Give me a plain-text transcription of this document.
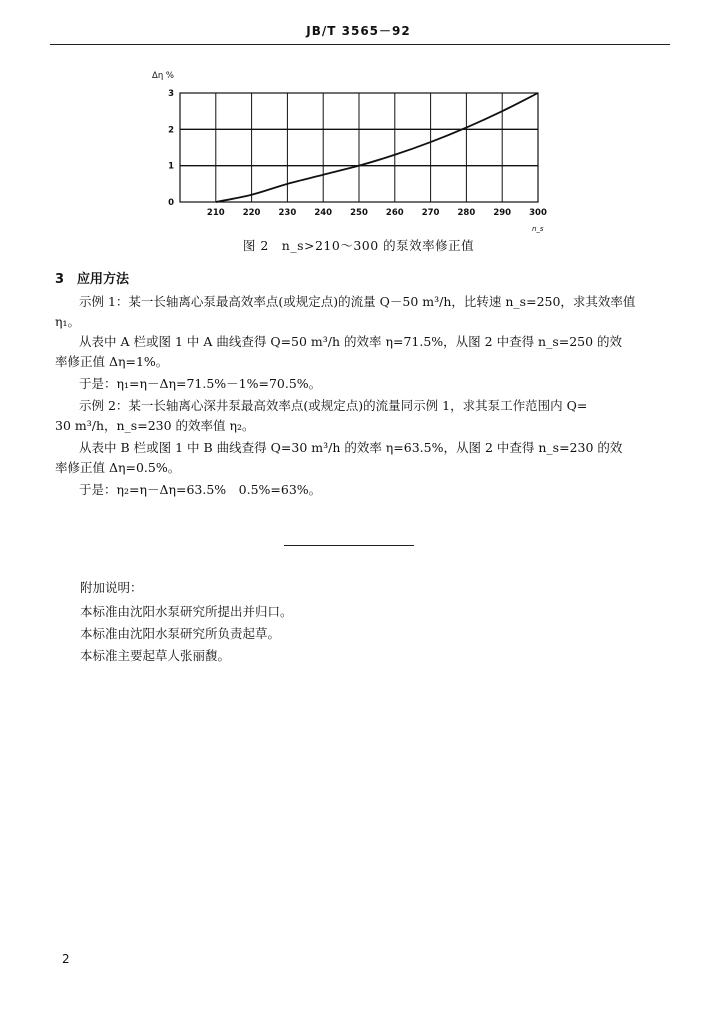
JB/T 3565－92
210 220 230 240 250 260 270 280 290 300
0
1
2
3
Δη %
n_s
图 2　n_s>210～300 的泵效率修正值
3　应用方法

示例 1：某一长轴离心泵最高效率点(或规定点)的流量 Q－50 m³/h，比转速 n_s=250，求其效率值

η₁。

从表中 A 栏或图 1 中 A 曲线查得 Q=50 m³/h 的效率 η=71.5%，从图 2 中查得 n_s=250 的效

率修正值 Δη=1%。

于是：η₁=η－Δη=71.5%－1%=70.5%。

示例 2：某一长轴离心深井泵最高效率点(或规定点)的流量同示例 1，求其泵工作范围内 Q=

30 m³/h，n_s=230 的效率值 η₂。

从表中 B 栏或图 1 中 B 曲线查得 Q=30 m³/h 的效率 η=63.5%，从图 2 中查得 n_s=230 的效

率修正值 Δη=0.5%。

于是：η₂=η－Δη=63.5%　0.5%=63%。

附加说明：

本标准由沈阳水泵研究所提出并归口。

本标准由沈阳水泵研究所负责起草。

本标准主要起草人张丽馥。

2
